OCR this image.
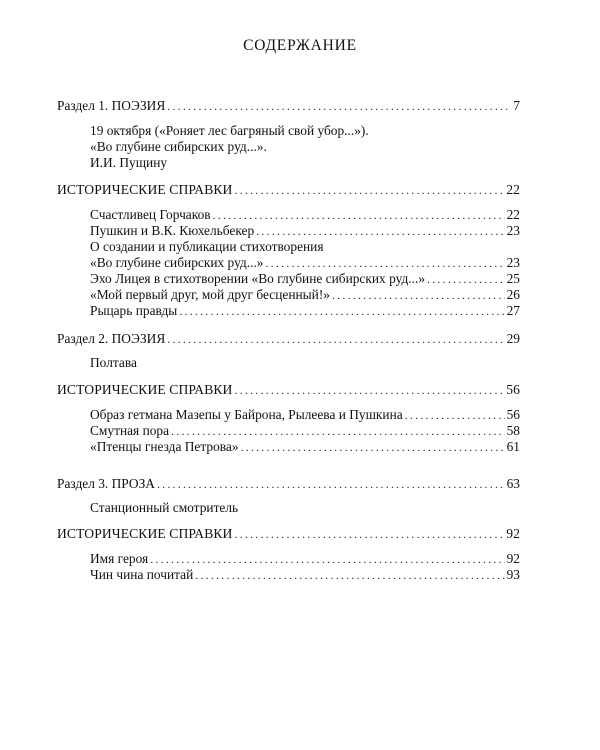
СОДЕРЖАНИЕ
Раздел 1. ПОЭЗИЯ . . .	7
19 октября («Роняет лес багряный свой убор...»).
«Во глубине сибирских руд...».
И.И. Пущину
ИСТОРИЧЕСКИЕ СПРАВКИ . . .	22
Счастливец Горчаков . . .	22
Пушкин и В.К. Кюхельбекер . . .	23
О создании и публикации стихотворения
«Во глубине сибирских руд...» . . .	23
Эхо Лицея в стихотворении «Во глубине сибирских руд...» . . .	25
«Мой первый друг, мой друг бесценный!» . . .	26
Рыцарь правды . . .	27
Раздел 2. ПОЭЗИЯ . . .	29
Полтава
ИСТОРИЧЕСКИЕ СПРАВКИ . . .	56
Образ гетмана Мазепы у Байрона, Рылеева и Пушкина . . .	56
Смутная пора . . .	58
«Птенцы гнезда Петрова» . . .	61
Раздел 3. ПРОЗА . . .	63
Станционный смотритель
ИСТОРИЧЕСКИЕ СПРАВКИ . . .	92
Имя героя . . .	92
Чин чина почитай . . .	93
